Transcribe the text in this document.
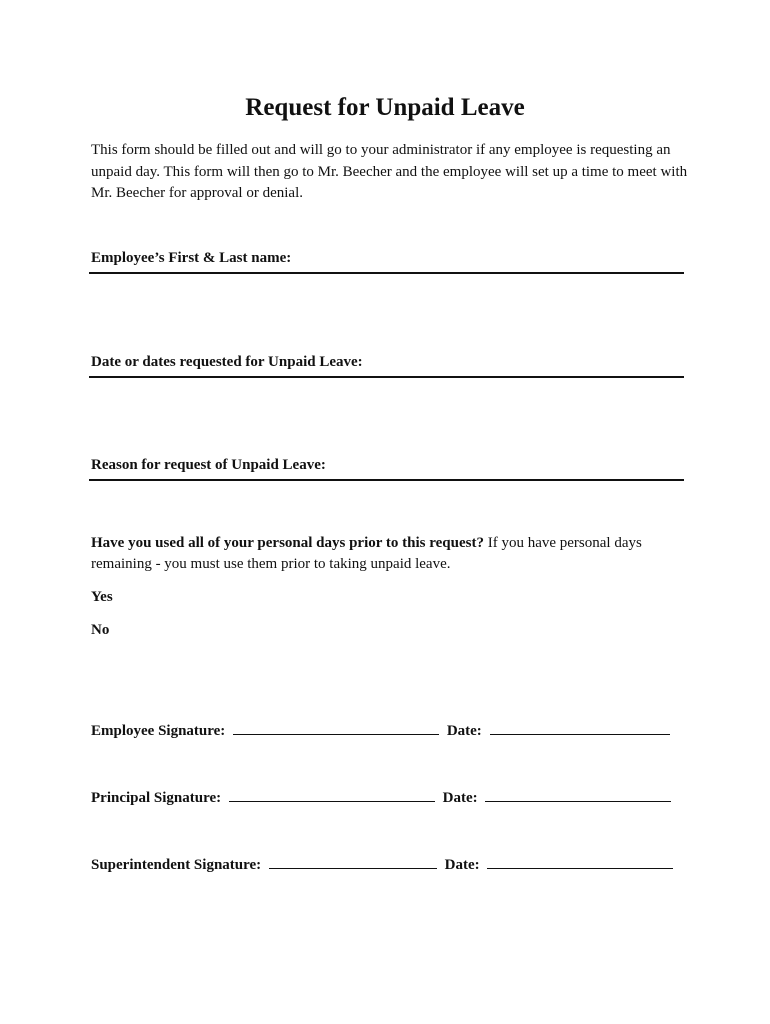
Request for Unpaid Leave

This form should be filled out and will go to your administrator if any employee is requesting an unpaid day. This form will then go to Mr. Beecher and the employee will set up a time to meet with Mr. Beecher for approval or denial.

Employee’s First & Last name:
Date or dates requested for Unpaid Leave:
Reason for request of Unpaid Leave:

Have you used all of your personal days prior to this request? If you have personal days remaining - you must use them prior to taking unpaid leave.

Yes
No
Employee Signature:	Date:
Principal Signature:	Date:
Superintendent Signature:	Date:
